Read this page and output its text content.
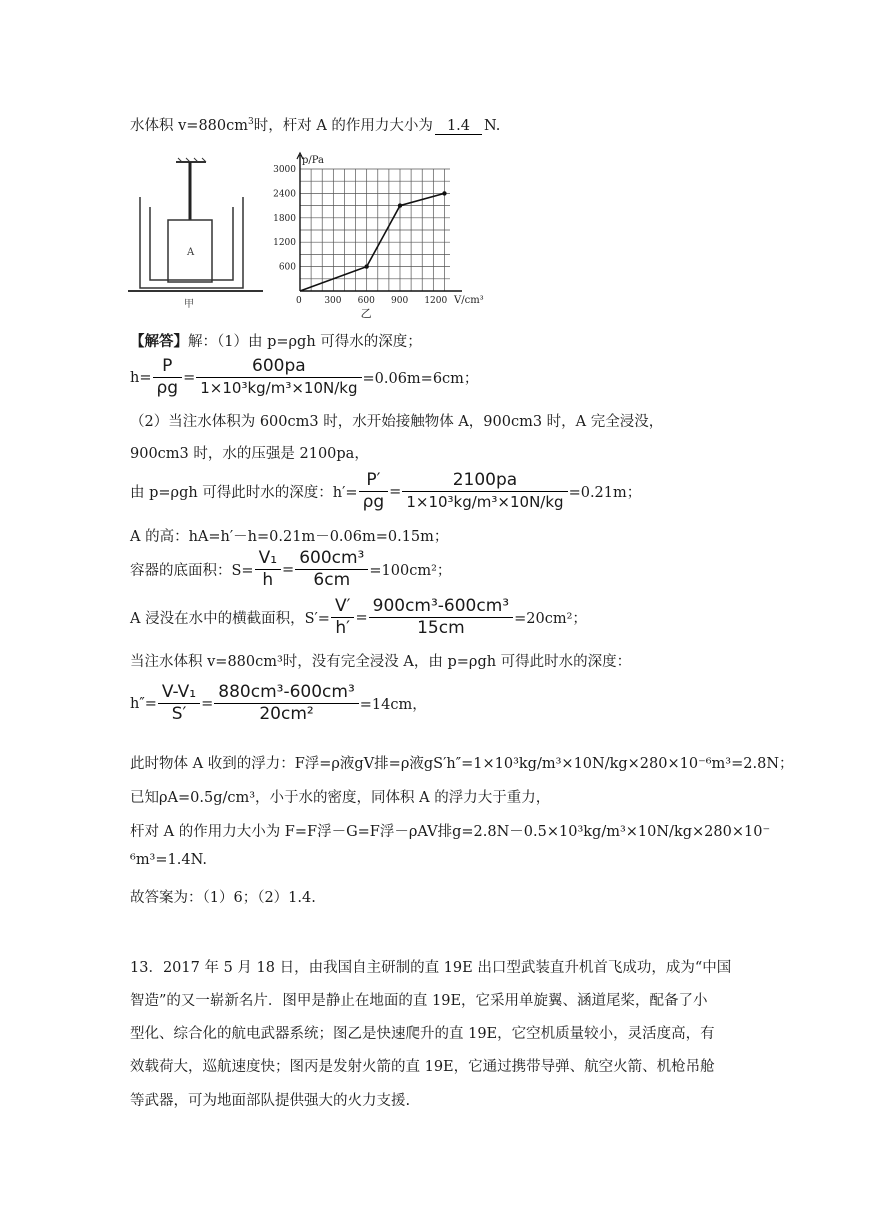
水体积 $v=880cm^3$时，杆对 A 的作用力大小为 1.4 N.
A
甲	0	300 600 900 1200
600
1200
1800
2400
3000
p/Pa
V/cm³
乙
【解答】解：（1）由 p=ρgh 可得水的深度；
$h= \frac{P}{\rho g} = \frac{600pa}{\text{1×10³kg/m³×10N/kg}} =0.06m=6cm$；
（2）当注水体积为 600cm3 时，水开始接触物体 A，900cm3 时，A 完全浸没，
900cm3 时，水的压强是 2100pa，
由 p=ρgh 可得此时水的深度：$h'= \frac{P'}{\rho g} = \frac{2100pa}{\text{1×10³kg/m³×10N/kg}} =0.21m$；
A 的高：hA=h′－h=0.21m－0.06m=0.15m；
容器的底面积：$S= \frac{\text{V₁}}{h} = \frac{\text{600cm³}}{6cm} =100cm^2$；
A 浸没在水中的横截面积，$S'= \frac{V'}{h'} = \frac{\text{900cm³-600cm³}}{15cm} =20cm^2$；
当注水体积 v=880cm³时，没有完全浸没 A，由 p=ρgh 可得此时水的深度：
$h''= \frac{\text{V-V₁}}{S'} = \frac{\text{880cm³-600cm³}}{\text{20cm²}} =14cm$，
此时物体 A 收到的浮力：F浮=ρ液gV排=ρ液gS′h″=1×10³kg/m³×10N/kg×280×10⁻⁶m³=2.8N；
已知ρA=0.5g/cm³，小于水的密度，同体积 A 的浮力大于重力，
杆对 A 的作用力大小为 F=F浮－G=F浮－ρAV排g=2.8N－0.5×10³kg/m³×10N/kg×280×10⁻
⁶m³=1.4N.
故答案为：（1）6；（2）1.4.
13．2017 年 5 月 18 日，由我国自主研制的直 19E 出口型武装直升机首飞成功，成为“中国
智造”的又一崭新名片．图甲是静止在地面的直 19E，它采用单旋翼、涵道尾桨，配备了小
型化、综合化的航电武器系统；图乙是快速爬升的直 19E，它空机质量较小，灵活度高，有
效载荷大，巡航速度快；图丙是发射火箭的直 19E，它通过携带导弹、航空火箭、机枪吊舱
等武器，可为地面部队提供强大的火力支援.
